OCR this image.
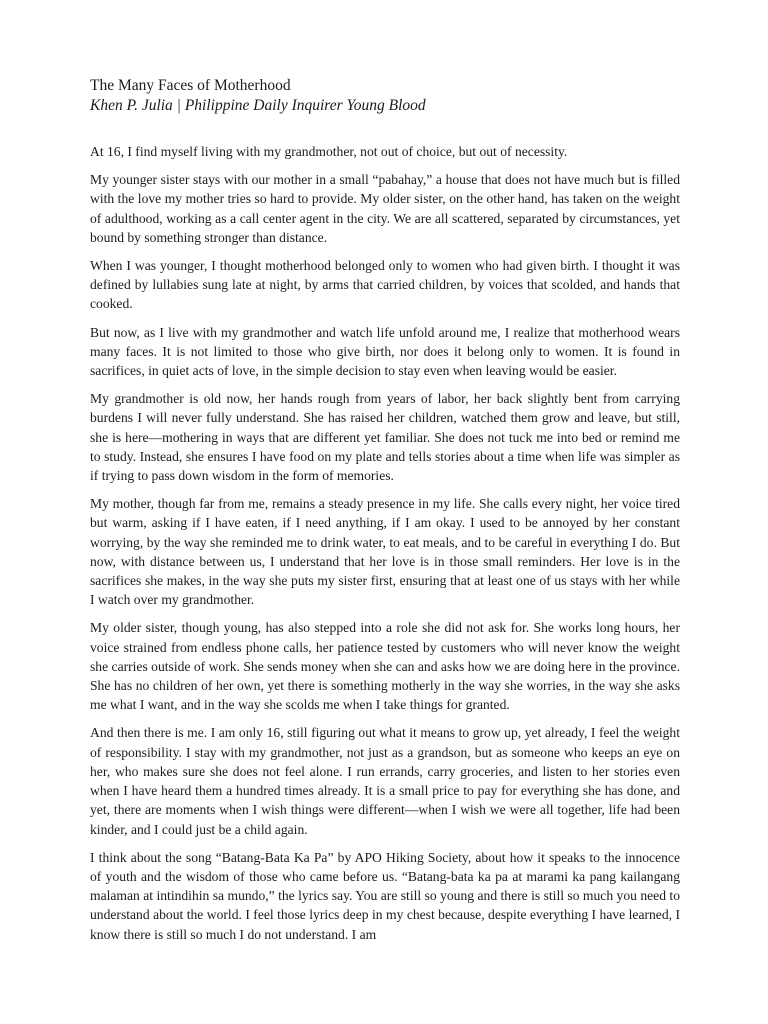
The Many Faces of Motherhood
Khen P. Julia | Philippine Daily Inquirer Young Blood

At 16, I find myself living with my grandmother, not out of choice, but out of necessity.

My younger sister stays with our mother in a small “pabahay,” a house that does not have much but is filled with the love my mother tries so hard to provide. My older sister, on the other hand, has taken on the weight of adulthood, working as a call center agent in the city. We are all scattered, separated by circumstances, yet bound by something stronger than distance.

When I was younger, I thought motherhood belonged only to women who had given birth. I thought it was defined by lullabies sung late at night, by arms that carried children, by voices that scolded, and hands that cooked.

But now, as I live with my grandmother and watch life unfold around me, I realize that motherhood wears many faces. It is not limited to those who give birth, nor does it belong only to women. It is found in sacrifices, in quiet acts of love, in the simple decision to stay even when leaving would be easier.

My grandmother is old now, her hands rough from years of labor, her back slightly bent from carrying burdens I will never fully understand. She has raised her children, watched them grow and leave, but still, she is here—mothering in ways that are different yet familiar. She does not tuck me into bed or remind me to study. Instead, she ensures I have food on my plate and tells stories about a time when life was simpler as if trying to pass down wisdom in the form of memories.

My mother, though far from me, remains a steady presence in my life. She calls every night, her voice tired but warm, asking if I have eaten, if I need anything, if I am okay. I used to be annoyed by her constant worrying, by the way she reminded me to drink water, to eat meals, and to be careful in everything I do. But now, with distance between us, I understand that her love is in those small reminders. Her love is in the sacrifices she makes, in the way she puts my sister first, ensuring that at least one of us stays with her while I watch over my grandmother.

My older sister, though young, has also stepped into a role she did not ask for. She works long hours, her voice strained from endless phone calls, her patience tested by customers who will never know the weight she carries outside of work. She sends money when she can and asks how we are doing here in the province. She has no children of her own, yet there is something motherly in the way she worries, in the way she asks me what I want, and in the way she scolds me when I take things for granted.

And then there is me. I am only 16, still figuring out what it means to grow up, yet already, I feel the weight of responsibility. I stay with my grandmother, not just as a grandson, but as someone who keeps an eye on her, who makes sure she does not feel alone. I run errands, carry groceries, and listen to her stories even when I have heard them a hundred times already. It is a small price to pay for everything she has done, and yet, there are moments when I wish things were different—when I wish we were all together, life had been kinder, and I could just be a child again.

I think about the song “Batang-Bata Ka Pa” by APO Hiking Society, about how it speaks to the innocence of youth and the wisdom of those who came before us. “Batang-bata ka pa at marami ka pang kailangang malaman at intindihin sa mundo,” the lyrics say. You are still so young and there is still so much you need to understand about the world. I feel those lyrics deep in my chest because, despite everything I have learned, I know there is still so much I do not understand. I am
